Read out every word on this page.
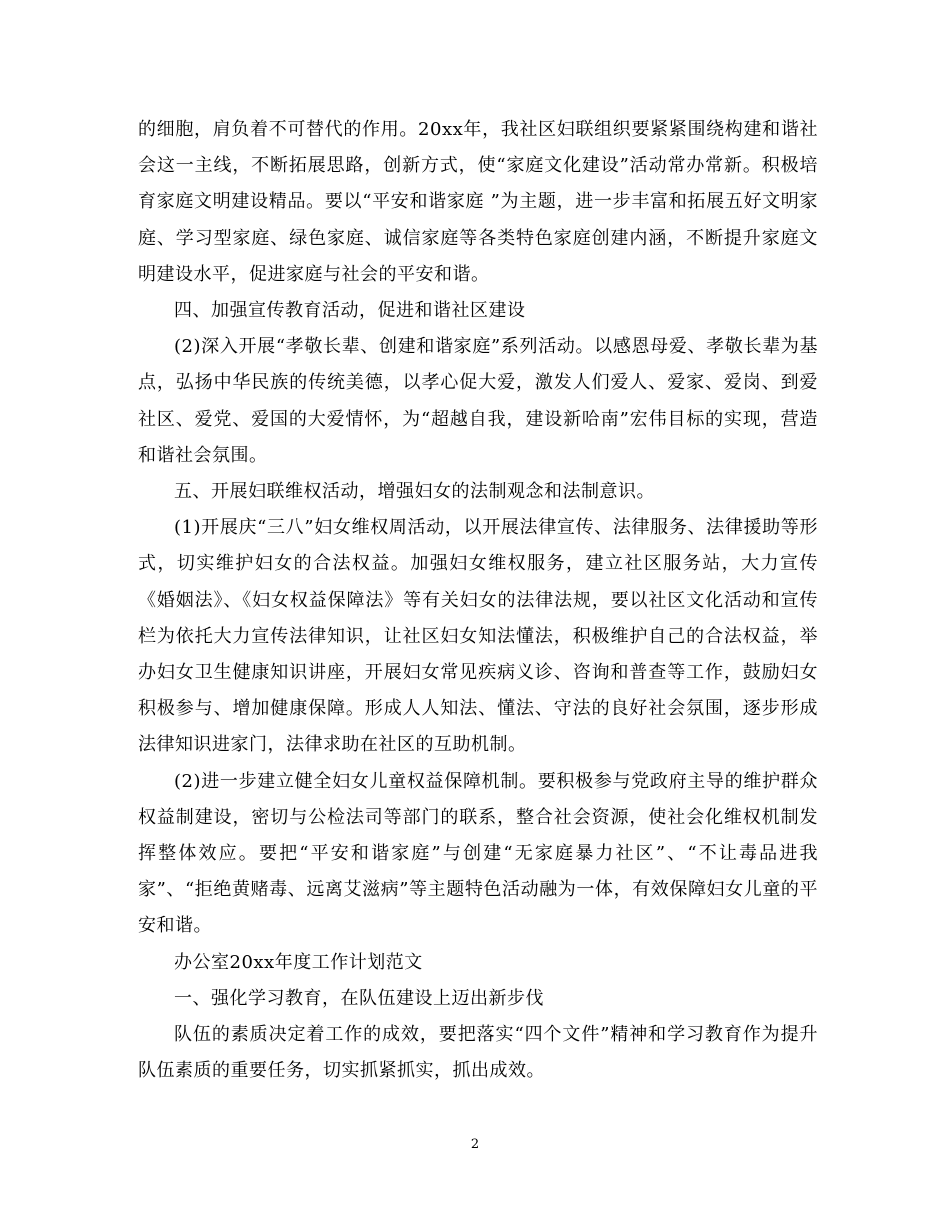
的细胞，肩负着不可替代的作用。20xx年，我社区妇联组织要紧紧围绕构建和谐社会这一主线，不断拓展思路，创新方式，使“家庭文化建设”活动常办常新。积极培育家庭文明建设精品。要以“平安和谐家庭 ”为主题，进一步丰富和拓展五好文明家庭、学习型家庭、绿色家庭、诚信家庭等各类特色家庭创建内涵，不断提升家庭文明建设水平，促进家庭与社会的平安和谐。

四、加强宣传教育活动，促进和谐社区建设

(2)深入开展“孝敬长辈、创建和谐家庭”系列活动。以感恩母爱、孝敬长辈为基点，弘扬中华民族的传统美德，以孝心促大爱，激发人们爱人、爱家、爱岗、到爱社区、爱党、爱国的大爱情怀，为“超越自我，建设新哈南”宏伟目标的实现，营造和谐社会氛围。

五、开展妇联维权活动，增强妇女的法制观念和法制意识。

(1)开展庆“三八”妇女维权周活动，以开展法律宣传、法律服务、法律援助等形式，切实维护妇女的合法权益。加强妇女维权服务，建立社区服务站，大力宣传《婚姻法》、《妇女权益保障法》等有关妇女的法律法规，要以社区文化活动和宣传栏为依托大力宣传法律知识，让社区妇女知法懂法，积极维护自己的合法权益，举办妇女卫生健康知识讲座，开展妇女常见疾病义诊、咨询和普查等工作，鼓励妇女积极参与、增加健康保障。形成人人知法、懂法、守法的良好社会氛围，逐步形成法律知识进家门，法律求助在社区的互助机制。

(2)进一步建立健全妇女儿童权益保障机制。要积极参与党政府主导的维护群众权益制建设，密切与公检法司等部门的联系，整合社会资源，使社会化维权机制发挥整体效应。要把“平安和谐家庭”与创建“无家庭暴力社区”、“不让毒品进我家”、“拒绝黄赌毒、远离艾滋病”等主题特色活动融为一体，有效保障妇女儿童的平安和谐。

办公室20xx年度工作计划范文

一、强化学习教育，在队伍建设上迈出新步伐

队伍的素质决定着工作的成效，要把落实“四个文件”精神和学习教育作为提升队伍素质的重要任务，切实抓紧抓实，抓出成效。

2
